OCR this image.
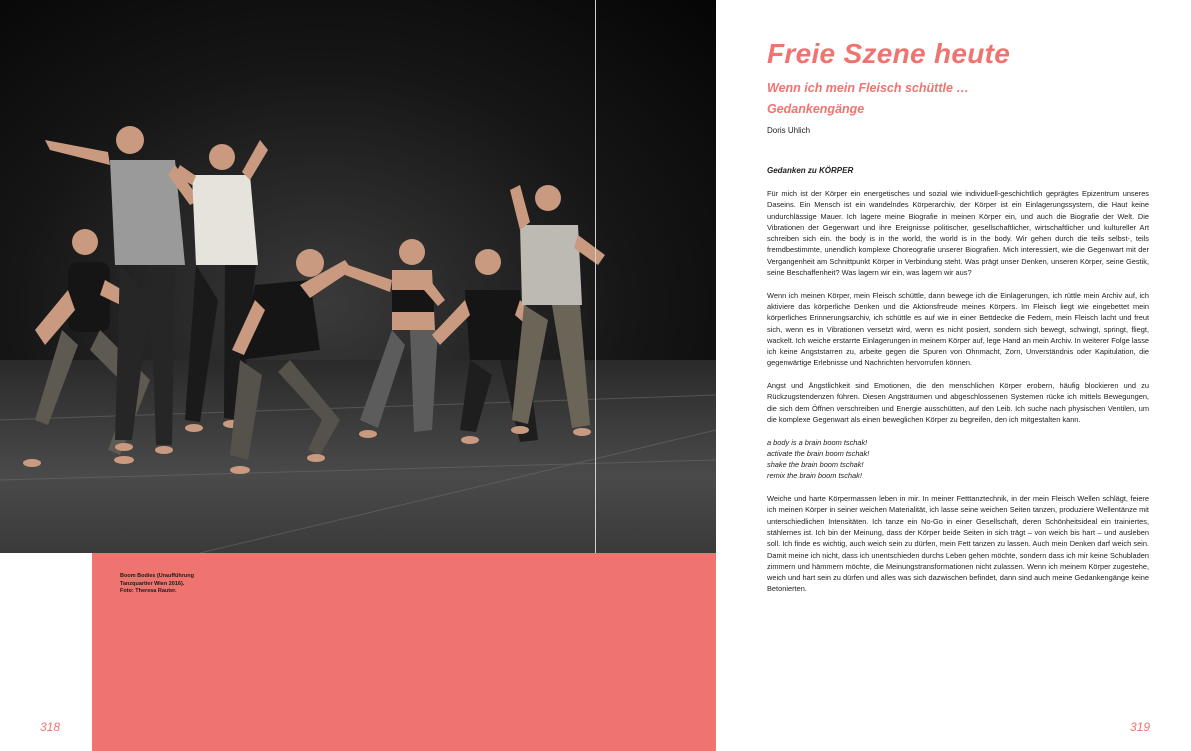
Boom Bodies (Uraufführung
Tanzquartier Wien 2016).
Foto: Theresa Rauter.
318
Freie Szene heute
Wenn ich mein Fleisch schüttle …
Gedankengänge
Doris Uhlich
Gedanken zu KÖRPER

Für mich ist der Körper ein energetisches und sozial wie individuell-geschichtlich geprägtes Epizentrum unseres Daseins. Ein Mensch ist ein wandelndes Körperarchiv, der Körper ist ein Einlagerungssystem, die Haut keine undurchlässige Mauer. Ich lagere meine Biografie in meinen Körper ein, und auch die Biografie der Welt. Die Vibrationen der Gegenwart und ihre Ereignisse politischer, gesellschaftlicher, wirtschaftlicher und kultureller Art schreiben sich ein. the body is in the world, the world is in the body. Wir gehen durch die teils selbst-, teils fremdbestimmte, unendlich komplexe Choreografie unserer Biografien. Mich interessiert, wie die Gegenwart mit der Vergangenheit am Schnittpunkt Körper in Verbindung steht. Was prägt unser Denken, unseren Körper, seine Gestik, seine Beschaffenheit? Was lagern wir ein, was lagern wir aus?

Wenn ich meinen Körper, mein Fleisch schüttle, dann bewege ich die Einlagerungen, ich rüttle mein Archiv auf, ich aktiviere das körperliche Denken und die Aktionsfreude meines Körpers. Im Fleisch liegt wie eingebettet mein körperliches Erinnerungsarchiv, ich schüttle es auf wie in einer Bettdecke die Federn, mein Fleisch lacht und freut sich, wenn es in Vibrationen versetzt wird, wenn es nicht posiert, sondern sich bewegt, schwingt, springt, fliegt, wackelt. Ich weiche erstarrte Einlagerungen in meinem Körper auf, lege Hand an mein Archiv. In weiterer Folge lasse ich keine Angststarren zu, arbeite gegen die Spuren von Ohnmacht, Zorn, Unverständnis oder Kapitulation, die gegenwärtige Erlebnisse und Nachrichten hervorrufen können.

Angst und Ängstlichkeit sind Emotionen, die den menschlichen Körper erobern, häufig blockieren und zu Rückzugstendenzen führen. Diesen Angsträumen und abgeschlossenen Systemen rücke ich mittels Bewegungen, die sich dem Öffnen verschreiben und Energie ausschütten, auf den Leib. Ich suche nach physischen Ventilen, um die komplexe Gegenwart als einen beweglichen Körper zu begreifen, den ich mitgestalten kann.

a body is a brain boom tschak!
activate the brain boom tschak!
shake the brain boom tschak!
remix the brain boom tschak!

Weiche und harte Körpermassen leben in mir. In meiner Fetttanztechnik, in der mein Fleisch Wellen schlägt, feiere ich meinen Körper in seiner weichen Materialität, ich lasse seine weichen Seiten tanzen, produziere Wellentänze mit unterschiedlichen Intensitäten. Ich tanze ein No-Go in einer Gesellschaft, deren Schönheitsideal ein trainiertes, stählernes ist. Ich bin der Meinung, dass der Körper beide Seiten in sich trägt – von weich bis hart – und ausleben soll. Ich finde es wichtig, auch weich sein zu dürfen, mein Fett tanzen zu lassen. Auch mein Denken darf weich sein. Damit meine ich nicht, dass ich unentschieden durchs Leben gehen möchte, sondern dass ich mir keine Schubladen zimmern und hämmern möchte, die Meinungstransformationen nicht zulassen. Wenn ich meinem Körper zugestehe, weich und hart sein zu dürfen und alles was sich dazwischen befindet, dann sind auch meine Gedankengänge keine Betonierten.

319
